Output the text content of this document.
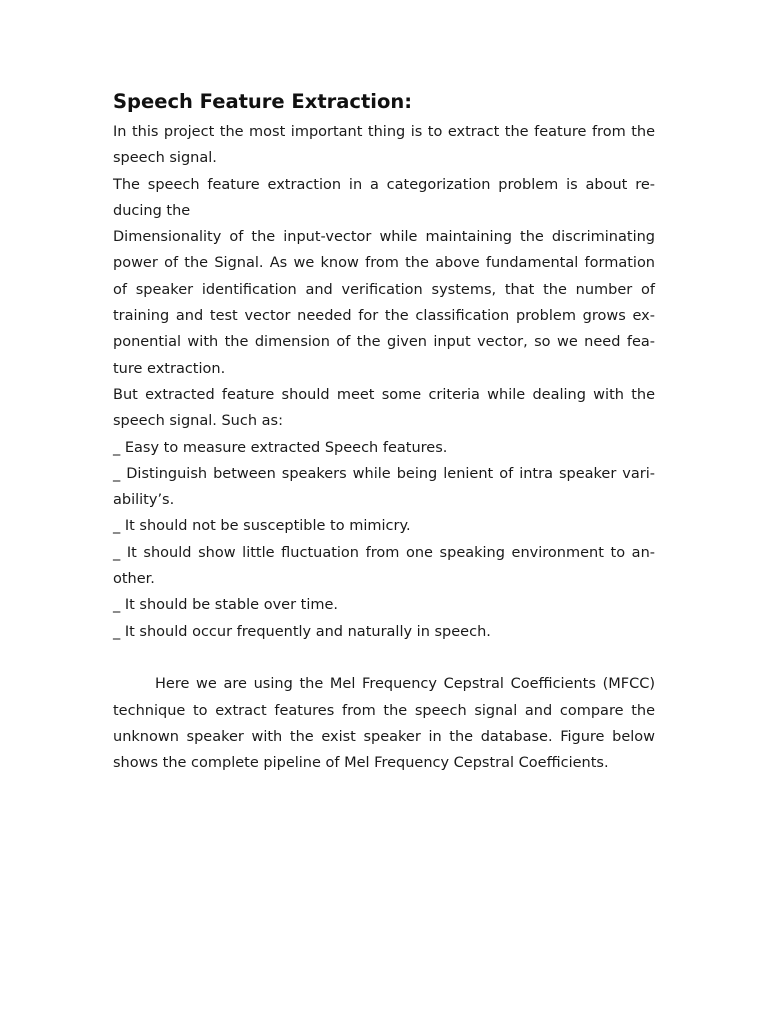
Speech Feature Extraction:
In this project the most important thing is to extract the feature from the
speech signal.
The speech feature extraction in a categorization problem is about re-
ducing the
Dimensionality of the input-vector while maintaining the discriminating
power of the Signal. As we know from the above fundamental formation
of speaker identification and verification systems, that the number of
training and test vector needed for the classification problem grows ex-
ponential with the dimension of the given input vector, so we need fea-
ture extraction.
But extracted feature should meet some criteria while dealing with the
speech signal. Such as:
_ Easy to measure extracted Speech features.
_ Distinguish between speakers while being lenient of intra speaker vari-
ability’s.
_ It should not be susceptible to mimicry.
_ It should show little fluctuation from one speaking environment to an-
other.
_ It should be stable over time.
_ It should occur frequently and naturally in speech.
Here we are using the Mel Frequency Cepstral Coefficients (MFCC)
technique to extract features from the speech signal and compare the
unknown speaker with the exist speaker in the database. Figure below
shows the complete pipeline of Mel Frequency Cepstral Coefficients.
